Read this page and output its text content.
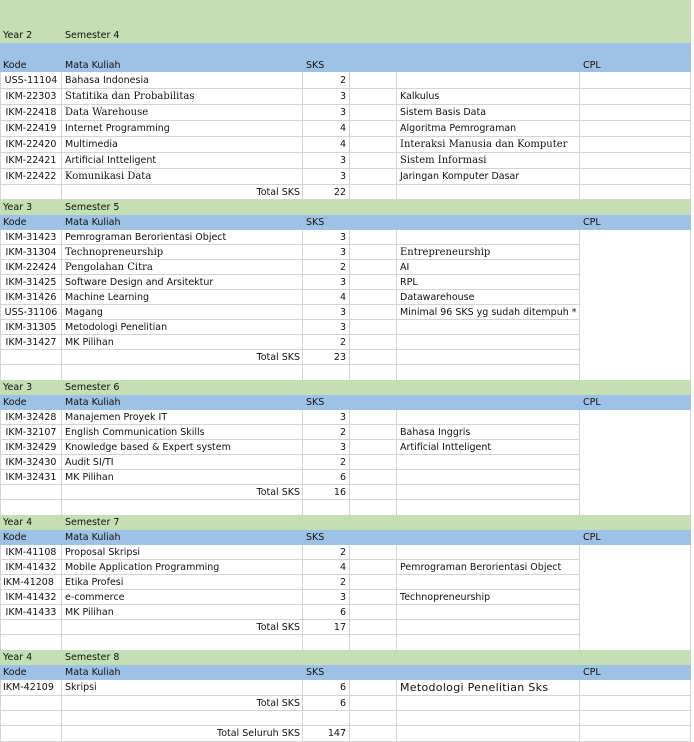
Year 2	Semester 4
Kode	Mata Kuliah	SKS	CPL
USS-11104 Bahasa Indonesia	2
IKM-22303 Statitika dan Probabilitas	3	Kalkulus
IKM-22418 Data Warehouse	3	Sistem Basis Data
IKM-22419 Internet Programming	4	Algoritma Pemrograman
IKM-22420 Multimedia	4	Interaksi Manusia dan Komputer
IKM-22421 Artificial Intteligent	3	Sistem Informasi
IKM-22422 Komunikasi Data	3	Jaringan Komputer Dasar
Total SKS	22
Year 3	Semester 5
Kode	Mata Kuliah	SKS	CPL
IKM-31423 Pemrograman Berorientasi Object	3
IKM-31304 Technopreneurship	3	Entrepreneurship
IKM-22424 Pengolahan Citra	2	AI
IKM-31425 Software Design and Arsitektur	3	RPL
IKM-31426 Machine Learning	4	Datawarehouse
USS-31106 Magang	3	Minimal 96 SKS yg sudah ditempuh *
IKM-31305 Metodologi Penelitian	3
IKM-31427 MK Pilihan	2
Total SKS	23
Year 3	Semester 6
Kode	Mata Kuliah	SKS	CPL
IKM-32428 Manajemen Proyek IT	3
IKM-32107 English Communication Skills	2	Bahasa Inggris
IKM-32429 Knowledge based & Expert system	3	Artificial Intteligent
IKM-32430 Audit SI/TI	2
IKM-32431 MK Pilihan	6
Total SKS	16
Year 4	Semester 7
Kode	Mata Kuliah	SKS	CPL
IKM-41108 Proposal Skripsi	2
IKM-41432 Mobile Application Programming	4	Pemrograman Berorientasi Object
IKM-41208	Etika Profesi	2
IKM-41432 e-commerce	3	Technopreneurship
IKM-41433 MK Pilihan	6
Total SKS	17
Year 4	Semester 8
Kode	Mata Kuliah	SKS	CPL
IKM-42109	Skripsi	6	Metodologi Penelitian Sks
Total SKS	6
Total Seluruh SKS	147
